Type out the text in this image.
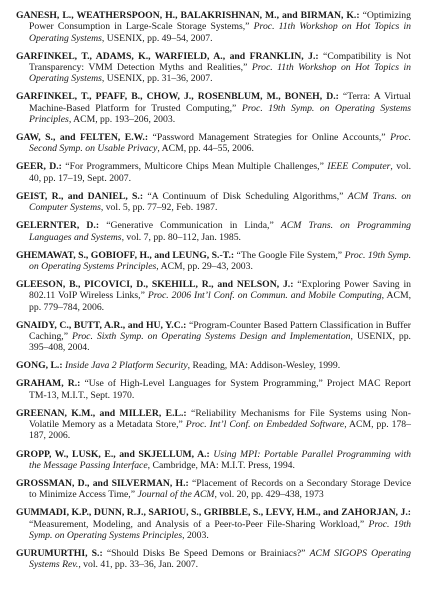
GANESH, L., WEATHERSPOON, H., BALAKRISHNAN, M., and BIRMAN, K.: “Optimizing Power Consumption in Large-Scale Storage Systems,” Proc. 11th Workshop on Hot Topics in Operating Systems, USENIX, pp. 49–54, 2007.

GARFINKEL, T., ADAMS, K., WARFIELD, A., and FRANKLIN, J.: “Compatibility is Not Transparency: VMM Detection Myths and Realities,” Proc. 11th Workshop on Hot Topics in Operating Systems, USENIX, pp. 31–36, 2007.

GARFINKEL, T., PFAFF, B., CHOW, J., ROSENBLUM, M., BONEH, D.: “Terra: A Virtual Machine-Based Platform for Trusted Computing,” Proc. 19th Symp. on Operating Systems Principles, ACM, pp. 193–206, 2003.

GAW, S., and FELTEN, E.W.: “Password Management Strategies for Online Accounts,” Proc. Second Symp. on Usable Privacy, ACM, pp. 44–55, 2006.

GEER, D.: “For Programmers, Multicore Chips Mean Multiple Challenges,” IEEE Computer, vol. 40, pp. 17–19, Sept. 2007.

GEIST, R., and DANIEL, S.: “A Continuum of Disk Scheduling Algorithms,” ACM Trans. on Computer Systems, vol. 5, pp. 77–92, Feb. 1987.

GELERNTER, D.: “Generative Communication in Linda,” ACM Trans. on Programming Languages and Systems, vol. 7, pp. 80–112, Jan. 1985.

GHEMAWAT, S., GOBIOFF, H., and LEUNG, S.-T.: “The Google File System,” Proc. 19th Symp. on Operating Systems Principles, ACM, pp. 29–43, 2003.

GLEESON, B., PICOVICI, D., SKEHILL, R., and NELSON, J.: “Exploring Power Saving in 802.11 VoIP Wireless Links,” Proc. 2006 Int’l Conf. on Commun. and Mobile Computing, ACM, pp. 779–784, 2006.

GNAIDY, C., BUTT, A.R., and HU, Y.C.: “Program-Counter Based Pattern Classification in Buffer Caching,” Proc. Sixth Symp. on Operating Systems Design and Implementation, USENIX, pp. 395–408, 2004.

GONG, L.: Inside Java 2 Platform Security, Reading, MA: Addison-Wesley, 1999.

GRAHAM, R.: “Use of High-Level Languages for System Programming,” Project MAC Report TM-13, M.I.T., Sept. 1970.

GREENAN, K.M., and MILLER, E.L.: “Reliability Mechanisms for File Systems using Non-Volatile Memory as a Metadata Store,” Proc. Int’l Conf. on Embedded Software, ACM, pp. 178–187, 2006.

GROPP, W., LUSK, E., and SKJELLUM, A.: Using MPI: Portable Parallel Programming with the Message Passing Interface, Cambridge, MA: M.I.T. Press, 1994.

GROSSMAN, D., and SILVERMAN, H.: “Placement of Records on a Secondary Storage Device to Minimize Access Time,” Journal of the ACM, vol. 20, pp. 429–438, 1973

GUMMADI, K.P., DUNN, R.J., SARIOU, S., GRIBBLE, S., LEVY, H.M., and ZAHORJAN, J.: “Measurement, Modeling, and Analysis of a Peer-to-Peer File-Sharing Workload,” Proc. 19th Symp. on Operating Systems Principles, 2003.

GURUMURTHI, S.: “Should Disks Be Speed Demons or Brainiacs?” ACM SIGOPS Operating Systems Rev., vol. 41, pp. 33–36, Jan. 2007.
